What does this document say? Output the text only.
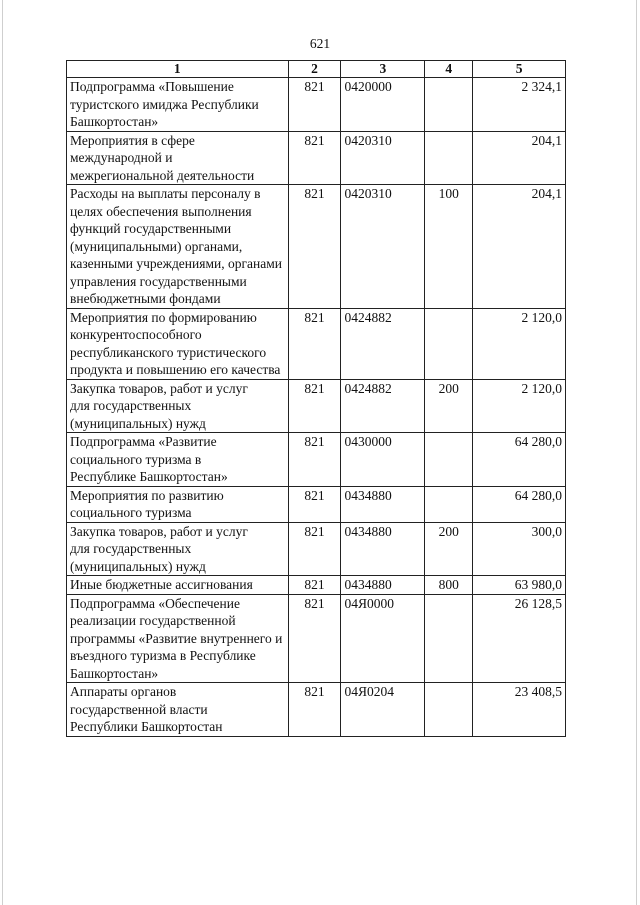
621
1	2	3	4	5
Подпрограмма «Повышение туристского имиджа Республики Башкортостан»	821	0420000		2 324,1
Мероприятия в сфере международной и межрегиональной деятельности	821	0420310		204,1
Расходы на выплаты персоналу в целях обеспечения выполнения функций государственными (муниципальными) органами, казенными учреждениями, органами управления государственными внебюджетными фондами	821	0420310	100	204,1
Мероприятия по формированию конкурентоспособного республиканского туристического продукта и повышению его качества	821	0424882		2 120,0
Закупка товаров, работ и услуг для государственных (муниципальных) нужд	821	0424882	200	2 120,0
Подпрограмма «Развитие социального туризма в Республике Башкортостан»	821	0430000		64 280,0
Мероприятия по развитию социального туризма	821	0434880		64 280,0
Закупка товаров, работ и услуг для государственных (муниципальных) нужд	821	0434880	200	300,0
Иные бюджетные ассигнования	821	0434880	800	63 980,0
Подпрограмма «Обеспечение реализации государственной программы «Развитие внутреннего и въездного туризма в Республике Башкортостан»	821	04Я0000		26 128,5
Аппараты органов государственной власти Республики Башкортостан	821	04Я0204		23 408,5
